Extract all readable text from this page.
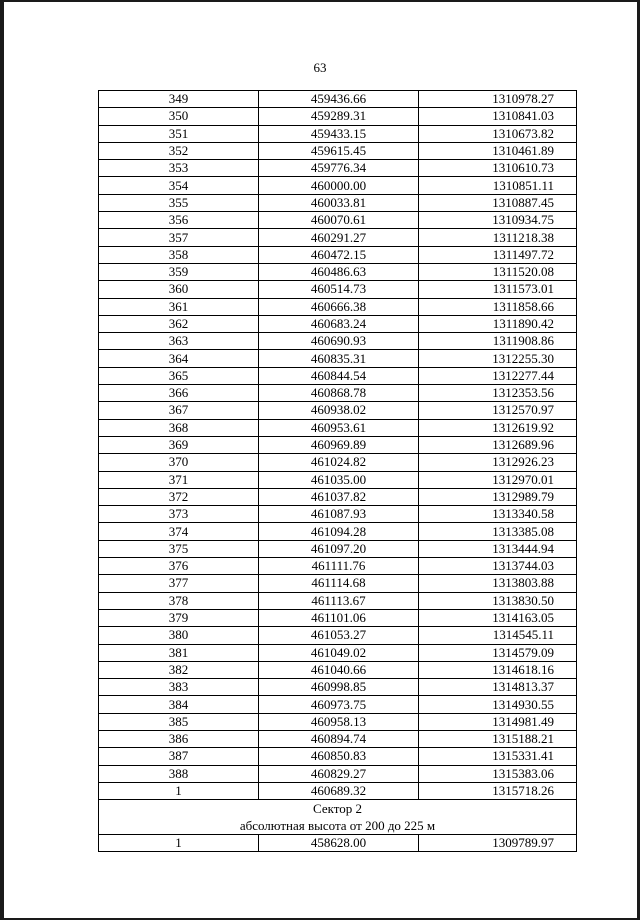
63
349	459436.66	1310978.27
350	459289.31	1310841.03
351	459433.15	1310673.82
352	459615.45	1310461.89
353	459776.34	1310610.73
354	460000.00	1310851.11
355	460033.81	1310887.45
356	460070.61	1310934.75
357	460291.27	1311218.38
358	460472.15	1311497.72
359	460486.63	1311520.08
360	460514.73	1311573.01
361	460666.38	1311858.66
362	460683.24	1311890.42
363	460690.93	1311908.86
364	460835.31	1312255.30
365	460844.54	1312277.44
366	460868.78	1312353.56
367	460938.02	1312570.97
368	460953.61	1312619.92
369	460969.89	1312689.96
370	461024.82	1312926.23
371	461035.00	1312970.01
372	461037.82	1312989.79
373	461087.93	1313340.58
374	461094.28	1313385.08
375	461097.20	1313444.94
376	461111.76	1313744.03
377	461114.68	1313803.88
378	461113.67	1313830.50
379	461101.06	1314163.05
380	461053.27	1314545.11
381	461049.02	1314579.09
382	461040.66	1314618.16
383	460998.85	1314813.37
384	460973.75	1314930.55
385	460958.13	1314981.49
386	460894.74	1315188.21
387	460850.83	1315331.41
388	460829.27	1315383.06
1	460689.32	1315718.26

Сектор 2
абсолютная высота от 200 до 225 м		

1	458628.00	1309789.97
